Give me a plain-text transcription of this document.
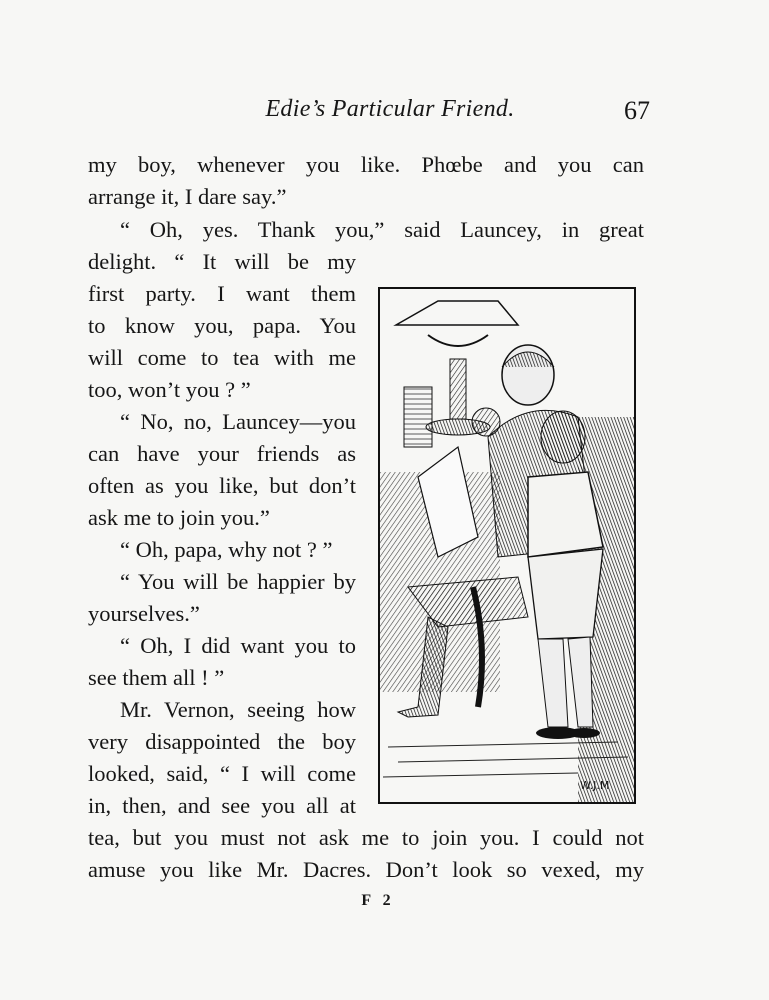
Edie’s Particular Friend.	67
my boy, whenever you like. Phœbe and you can
arrange it, I dare say.”
“ Oh, yes. Thank you,” said Launcey, in great
delight. “ It will be my
first party. I want them
to know you, papa. You
will come to tea with me
too, won’t you ? ”
“ No, no, Launcey—you
can have your friends as
often as you like, but don’t
ask me to join you.”
“ Oh, papa, why not ? ”
“ You will be happier by
yourselves.”
“ Oh, I did want you to
see them all ! ”
Mr. Vernon, seeing how
very disappointed the boy
looked, said, “ I will come
in, then, and see you all at
tea, but you must not ask me to join you. I could not
amuse you like Mr. Dacres. Don’t look so vexed, my
W.J.M
F 2
